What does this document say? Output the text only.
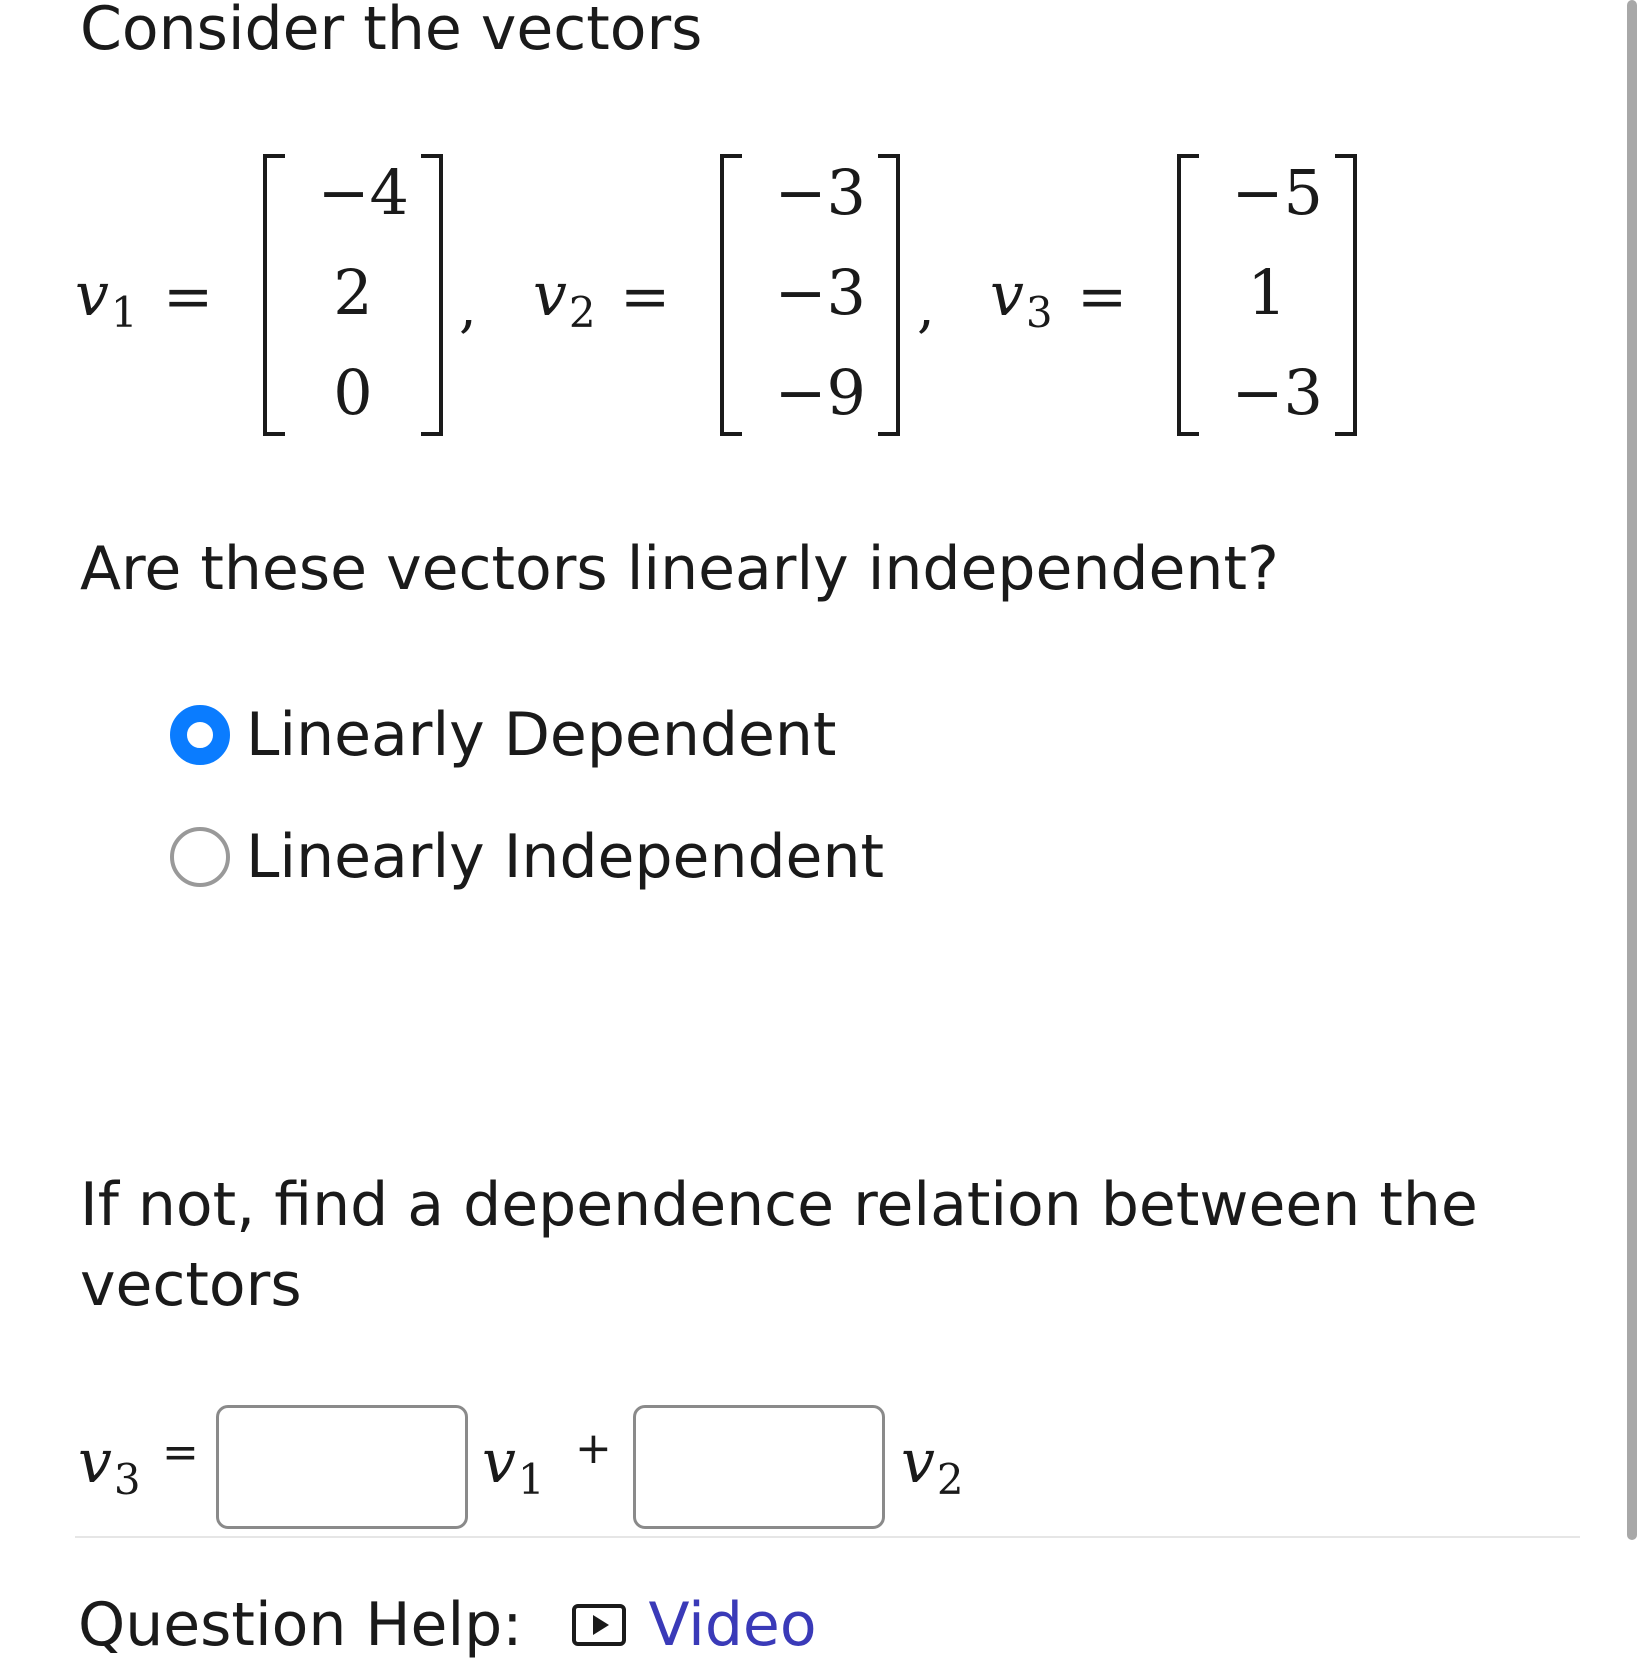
Consider the vectors
$v_1$ =
−4
2
0
, $v_2$ =
−3
−3
−9
, $v_3$ =
−5
1
−3
Are these vectors linearly independent?
Linearly Dependent
Linearly Independent
If not, find a dependence relation between the vectors
$v_3$
=	$v_1$
+	$v_2$
Question Help: Video
